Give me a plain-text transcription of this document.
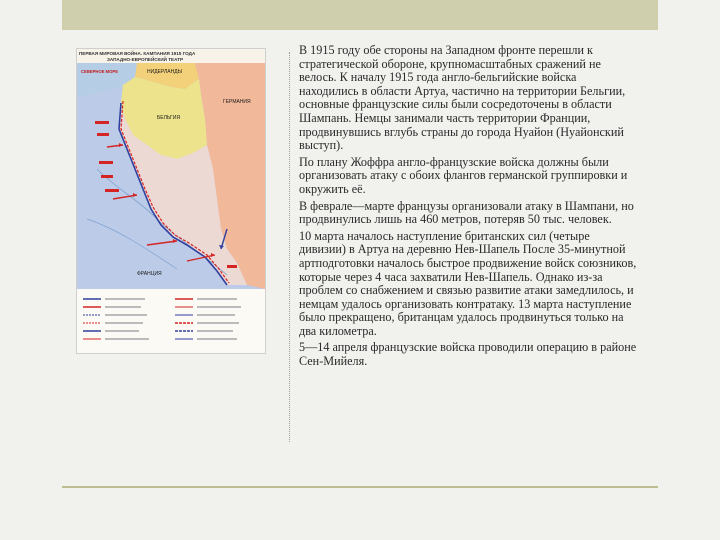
ПЕРВАЯ МИРОВАЯ ВОЙНА. КАМПАНИЯ 1915 ГОДА
ЗАПАДНО-ЕВРОПЕЙСКИЙ ТЕАТР
СЕВЕРНОЕ МОРЕ	НИДЕРЛАНДЫ
БЕЛЬГИЯ
ГЕРМАНИЯ
ФРАНЦИЯ

В 1915 году обе стороны на Западном фронте перешли к стратегической обороне, крупномасштабных сражений не велось. К началу 1915 года англо-бельгийские войска находились в области Артуа, частично на территории Бельгии, основные французские силы были сосредоточены в области Шампань. Немцы занимали часть территории Франции, продвинувшись вглубь страны до города Нуайон (Нуайонский выступ).

По плану Жоффра англо-французские войска должны были организовать атаку с обоих флангов германской группировки и окружить её.

В феврале—марте французы организовали атаку в Шампани, но продвинулись лишь на 460 метров, потеряв 50 тыс. человек.

10 марта началось наступление британских сил (четыре дивизии) в Артуа на деревню Нев-Шапель После 35-минутной артподготовки началось быстрое продвижение войск союзников, которые через 4 часа захватили Нев-Шапель. Однако из-за проблем со снабжением и связью развитие атаки замедлилось, и немцам удалось организовать контратаку. 13 марта наступление было прекращено, британцам удалось продвинуться только на два километра.

5—14 апреля французские войска проводили операцию в районе Сен-Мийеля.
